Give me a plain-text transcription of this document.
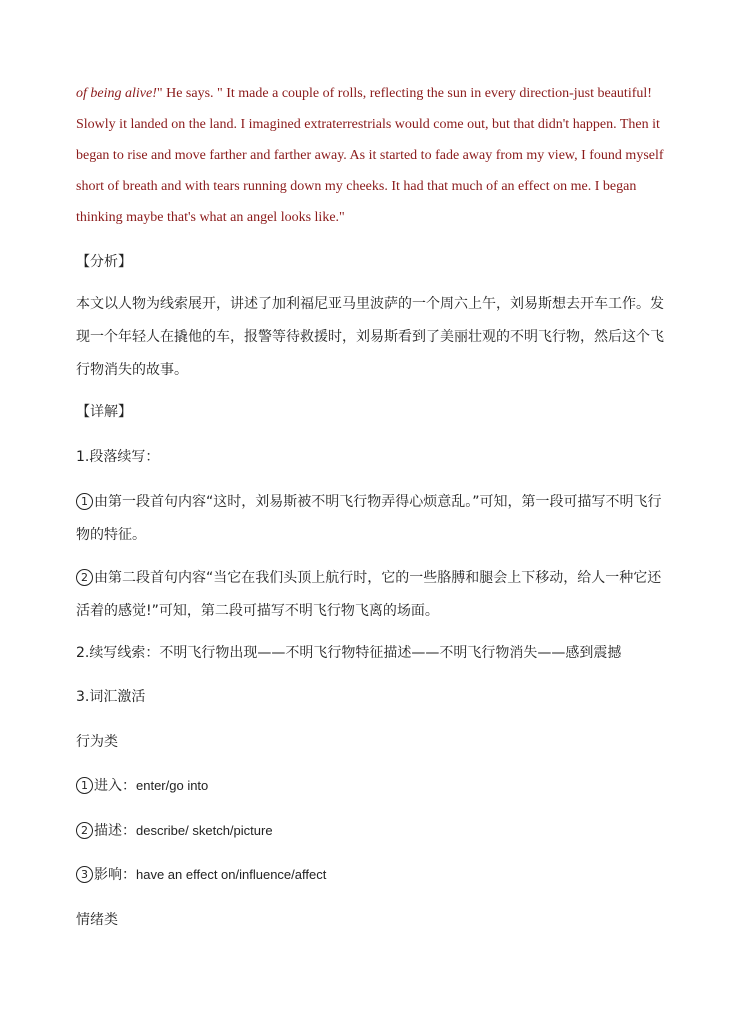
of being alive!" He says. " It made a couple of rolls, reflecting the sun in every direction-just beautiful! Slowly it landed on the land. I imagined extraterrestrials would come out, but that didn't happen. Then it began to rise and move farther and farther away. As it started to fade away from my view, I found myself short of breath and with tears running down my cheeks. It had that much of an effect on me. I began thinking maybe that's what an angel looks like."
【分析】
本文以人物为线索展开，讲述了加利福尼亚马里波萨的一个周六上午，刘易斯想去开车工作。发现一个年轻人在撬他的车，报警等待救援时，刘易斯看到了美丽壮观的不明飞行物，然后这个飞行物消失的故事。
【详解】
1.段落续写：
1 由第一段首句内容“这时，刘易斯被不明飞行物弄得心烦意乱。”可知，第一段可描写不明飞行物的特征。
2 由第二段首句内容“当它在我们头顶上航行时，它的一些胳膊和腿会上下移动，给人一种它还活着的感觉!”可知，第二段可描写不明飞行物飞离的场面。
2.续写线索：不明飞行物出现——不明飞行物特征描述——不明飞行物消失——感到震撼
3.词汇激活
行为类
1 进入：enter/go into
2 描述：describe/ sketch/picture
3 影响：have an effect on/influence/affect
情绪类
